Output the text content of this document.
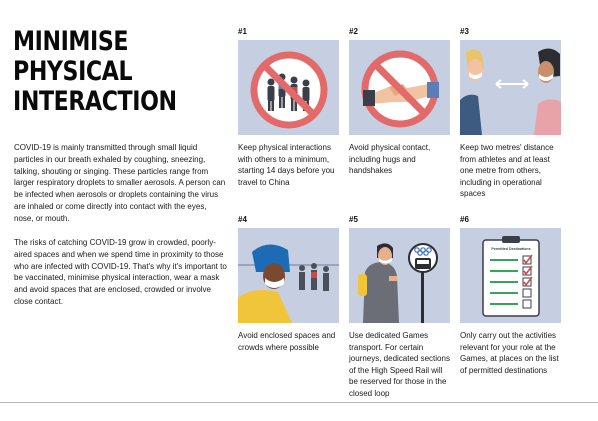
MINIMISE
PHYSICAL
INTERACTION

COVID-19 is mainly transmitted through small liquid particles in our breath exhaled by coughing, sneezing, talking, shouting or singing. These particles range from larger respiratory droplets to smaller aerosols. A person can be infected when aerosols or droplets containing the virus are inhaled or come directly into contact with the eyes, nose, or mouth.

The risks of catching COVID-19 grow in crowded, poorly-aired spaces and when we spend time in proximity to those who are infected with COVID-19. That's why it's important to be vaccinated, minimise physical interaction, wear a mask and avoid spaces that are enclosed, crowded or involve close contact.

#1

Keep physical interactions with others to a minimum, starting 14 days before you travel to China

#2

Avoid physical contact, including hugs and handshakes

#3

Keep two metres' distance from athletes and at least one metre from others, including in operational spaces

#4

Avoid enclosed spaces and crowds where possible

#5

Use dedicated Games transport. For certain journeys, dedicated sections of the High Speed Rail will be reserved for those in the closed loop

#6
Permitted Destinations

Only carry out the activities relevant for your role at the Games, at places on the list of permitted destinations
